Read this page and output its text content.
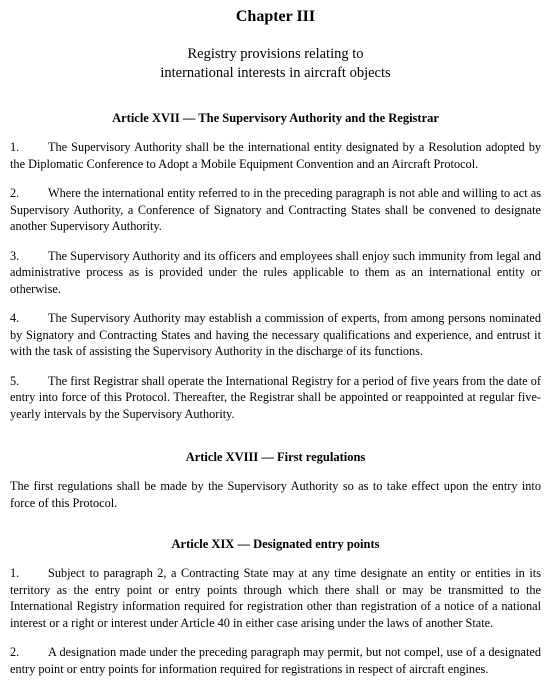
Chapter III
Registry provisions relating to
international interests in aircraft objects
Article XVII — The Supervisory Authority and the Registrar

1. The Supervisory Authority shall be the international entity designated by a Resolution adopted by the Diplomatic Conference to Adopt a Mobile Equipment Convention and an Aircraft Protocol.

2. Where the international entity referred to in the preceding paragraph is not able and willing to act as Supervisory Authority, a Conference of Signatory and Contracting States shall be convened to designate another Supervisory Authority.

3. The Supervisory Authority and its officers and employees shall enjoy such immunity from legal and administrative process as is provided under the rules applicable to them as an international entity or otherwise.

4. The Supervisory Authority may establish a commission of experts, from among persons nominated by Signatory and Contracting States and having the necessary qualifications and experience, and entrust it with the task of assisting the Supervisory Authority in the discharge of its functions.

5. The first Registrar shall operate the International Registry for a period of five years from the date of entry into force of this Protocol. Thereafter, the Registrar shall be appointed or reappointed at regular five-yearly intervals by the Supervisory Authority.

Article XVIII — First regulations

The first regulations shall be made by the Supervisory Authority so as to take effect upon the entry into force of this Protocol.

Article XIX — Designated entry points

1. Subject to paragraph 2, a Contracting State may at any time designate an entity or entities in its territory as the entry point or entry points through which there shall or may be transmitted to the International Registry information required for registration other than registration of a notice of a national interest or a right or interest under Article 40 in either case arising under the laws of another State.

2. A designation made under the preceding paragraph may permit, but not compel, use of a designated entry point or entry points for information required for registrations in respect of aircraft engines.
